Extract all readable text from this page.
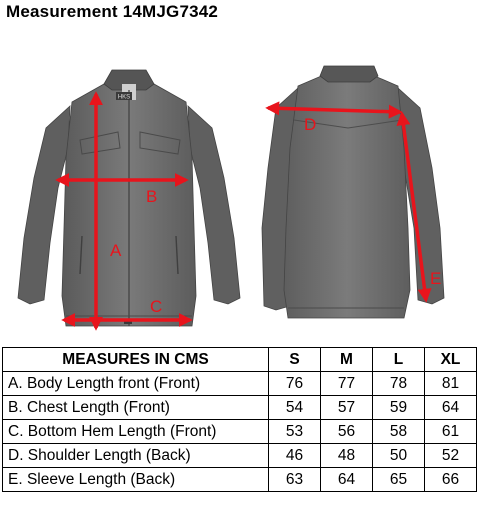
Measurement 14MJG7342
HKS
A
B
C
D
E
MEASURES IN CMS	S	M	L	XL
A. Body Length front (Front)	76	77	78	81
B. Chest Length (Front)	54	57	59	64
C. Bottom Hem Length (Front)	53	56	58	61
D. Shoulder Length (Back)	46	48	50	52
E. Sleeve Length (Back)	63	64	65	66
